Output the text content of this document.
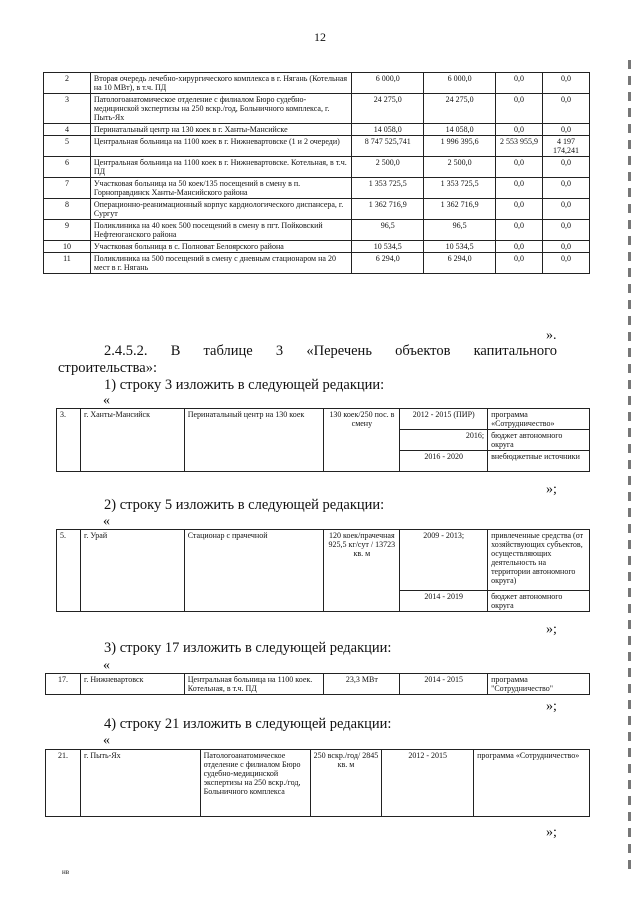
12
2	Вторая очередь лечебно-хирургического комплекса в г. Нягань (Котельная на 10 МВт), в т.ч. ПД	6 000,0	6 000,0	0,0	0,0
3	Патологоанатомическое отделение с филиалом Бюро судебно-медицинской экспертизы на 250 вскр./год, Больничного комплекса, г. Пыть-Ях	24 275,0	24 275,0	0,0	0,0
4	Перинатальный центр на 130 коек в г. Ханты-Мансийске	14 058,0	14 058,0	0,0	0,0
5	Центральная больница на 1100 коек в г. Нижневартовске (1 и 2 очереди)	8 747 525,741	1 996 395,6	2 553 955,9	4 197 174,241
6	Центральная больница на 1100 коек в г. Нижневартовске. Котельная, в т.ч. ПД	2 500,0	2 500,0	0,0	0,0
7	Участковая больница на 50 коек/135 посещений в смену в п. Горноправдинск Ханты-Мансийского района	1 353 725,5	1 353 725,5	0,0	0,0
8	Операционно-реанимационный корпус кардиологического диспансера, г. Сургут	1 362 716,9	1 362 716,9	0,0	0,0
9	Поликлиника на 40 коек 500 посещений в смену в пгт. Пойковский Нефтеюганского района	96,5	96,5	0,0	0,0
10	Участковая больница в с. Полноват Белоярского района	10 534,5	10 534,5	0,0	0,0
11	Поликлиника на 500 посещений в смену с дневным стационаром на 20 мест в г. Нягань	6 294,0	6 294,0	0,0	0,0
».
2.4.5.2. В таблице 3 «Перечень объектов капитального
строительства»:
1) строку 3 изложить в следующей редакции:
«
3.	г. Ханты-Мансийск	Перинатальный центр на 130 коек	130 коек/250 пос. в смену	2012 - 2015 (ПИР)	программа «Сотрудничество»
				2016;	бюджет автономного округа
				2016 - 2020	внебюджетные источники
»;
2) строку 5 изложить в следующей редакции:
«
5.	г. Урай	Стационар с прачечной	120 коек/прачечная 925,5 кг/сут / 13723 кв. м	2009 - 2013;	привлеченные средства (от хозяйствующих субъектов, осуществляющих деятельность на территории автономного округа)
				2014 - 2019	бюджет автономного округа
»;
3) строку 17 изложить в следующей редакции:
«
17.	г. Нижневартовск	Центральная больница на 1100 коек. Котельная, в т.ч. ПД	23,3 МВт	2014 - 2015	программа "Сотрудничество"
»;
4) строку 21 изложить в следующей редакции:
«
21.	г. Пыть-Ях	Патологоанатомическое отделение с филиалом Бюро судебно-медицинской экспертизы на 250 вскр./год, Больничного комплекса	250 вскр./год/ 2845 кв. м	2012 - 2015	программа «Сотрудничество»
»;
нв
